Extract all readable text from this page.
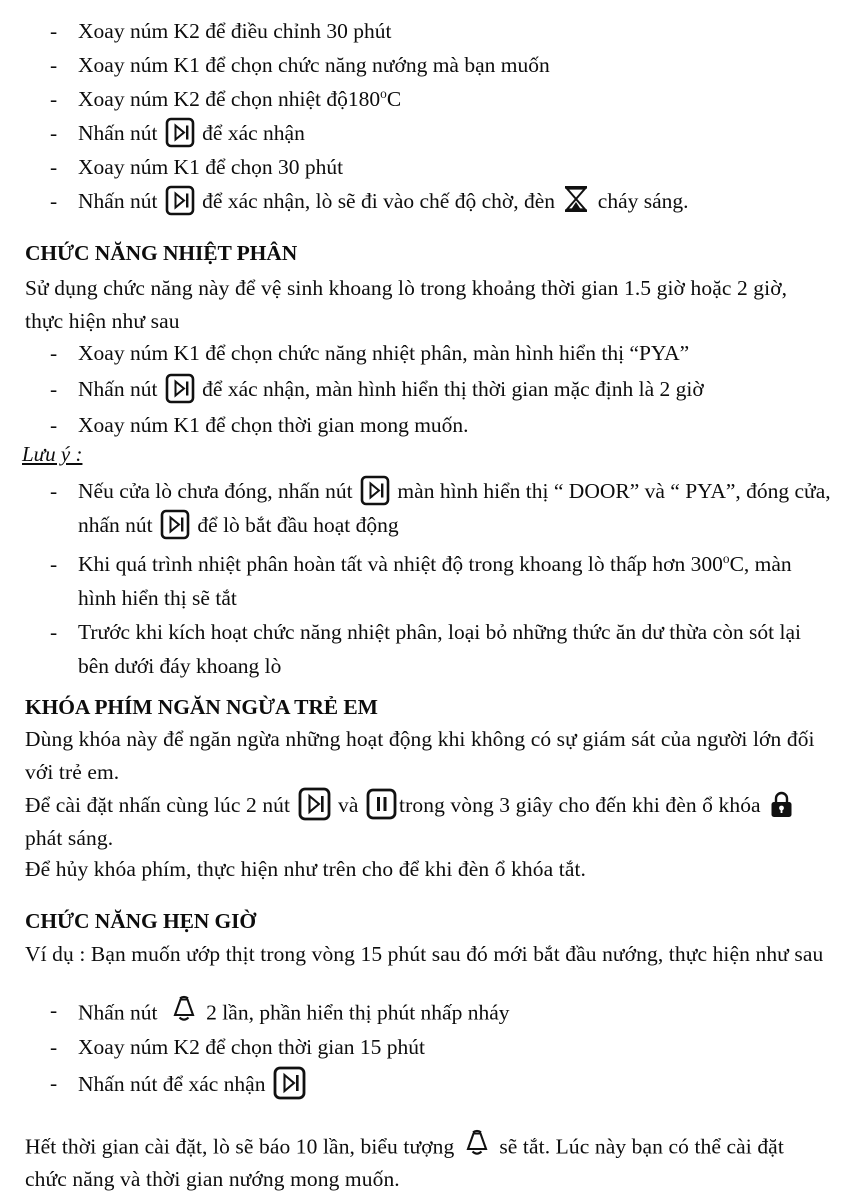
- Xoay núm K2 để điều chỉnh 30 phút
- Xoay núm K1 để chọn chức năng nướng mà bạn muốn
- Xoay núm K2 để chọn nhiệt độ180$^o$C
- Nhấn nút
để xác nhận
- Xoay núm K1 để chọn 30 phút
- Nhấn nút
để xác nhận, lò sẽ đi vào chế độ chờ, đèn
cháy sáng.
CHỨC NĂNG NHIỆT PHÂN
Sử dụng chức năng này để vệ sinh khoang lò trong khoảng thời gian 1.5 giờ hoặc 2 giờ, thực hiện như sau
- Xoay núm K1 để chọn chức năng nhiệt phân, màn hình hiển thị “PYA”
- Nhấn nút
để xác nhận, màn hình hiển thị thời gian mặc định là 2 giờ
- Xoay núm K1 để chọn thời gian mong muốn.
Lưu ý :
- Nếu cửa lò chưa đóng, nhấn nút
màn hình hiển thị “ DOOR” và “ PYA”, đóng cửa, nhấn nút
để lò bắt đầu hoạt động
- Khi quá trình nhiệt phân hoàn tất và nhiệt độ trong khoang lò thấp hơn 300$^o$C, màn hình hiển thị sẽ tắt
- Trước khi kích hoạt chức năng nhiệt phân, loại bỏ những thức ăn dư thừa còn sót lại bên dưới đáy khoang lò
KHÓA PHÍM NGĂN NGỪA TRẺ EM
Dùng khóa này để ngăn ngừa những hoạt động khi không có sự giám sát của người lớn đối với trẻ em.
Để cài đặt nhấn cùng lúc 2 nút
và
trong vòng 3 giây cho đến khi đèn ổ khóa
phát sáng.
Để hủy khóa phím, thực hiện như trên cho để khi đèn ổ khóa tắt.
CHỨC NĂNG HẸN GIỜ
Ví dụ : Bạn muốn ướp thịt trong vòng 15 phút sau đó mới bắt đầu nướng, thực hiện như sau
- Nhấn nút
2 lần, phần hiển thị phút nhấp nháy
- Xoay núm K2 để chọn thời gian 15 phút
- Nhấn nút để xác nhận
Hết thời gian cài đặt, lò sẽ báo 10 lần, biểu tượng
sẽ tắt. Lúc này bạn có thể cài đặt chức năng và thời gian nướng mong muốn.
